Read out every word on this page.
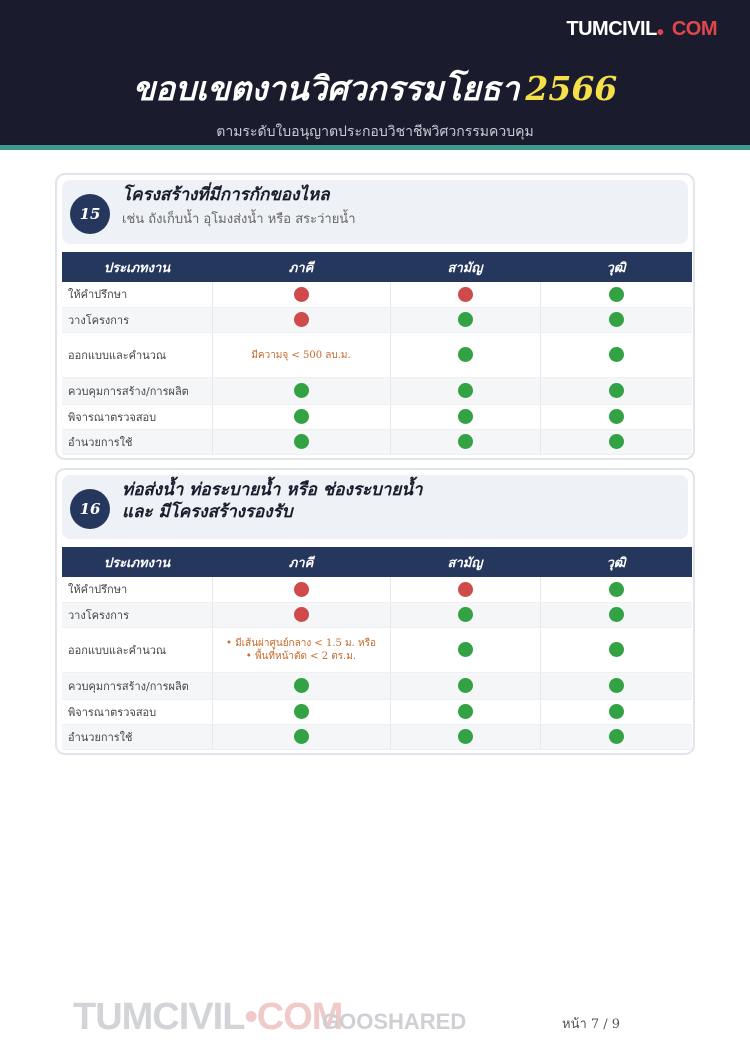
TUMCIVIL• COM
ขอบเขตงานวิศวกรรมโยธา 2566
ตามระดับใบอนุญาตประกอบวิชาชีพวิศวกรรมควบคุม
15
โครงสร้างที่มีการกักของไหล
เช่น ถังเก็บน้ำ อุโมงส่งน้ำ หรือ สระว่ายน้ำ
ประเภทงาน	ภาคี	สามัญ	วุฒิ
ให้คำปรึกษา			
วางโครงการ			
ออกแบบและคำนวณ	มีความจุ < 500 ลบ.ม.		
ควบคุมการสร้าง/การผลิต			
พิจารณาตรวจสอบ			
อำนวยการใช้			
16
ท่อส่งน้ำ ท่อระบายน้ำ หรือ ช่องระบายน้ำ
และ มีโครงสร้างรองรับ
ประเภทงาน	ภาคี	สามัญ	วุฒิ
ให้คำปรึกษา			
วางโครงการ			
ออกแบบและคำนวณ	• มีเส้นผ่าศูนย์กลาง < 1.5 ม. หรือ
• พื้นที่หน้าตัด < 2 ตร.ม.		

ควบคุมการสร้าง/การผลิต			
พิจารณาตรวจสอบ			
อำนวยการใช้			
TUMCIVIL•COM
GOOSHARED	หน้า 7 / 9
